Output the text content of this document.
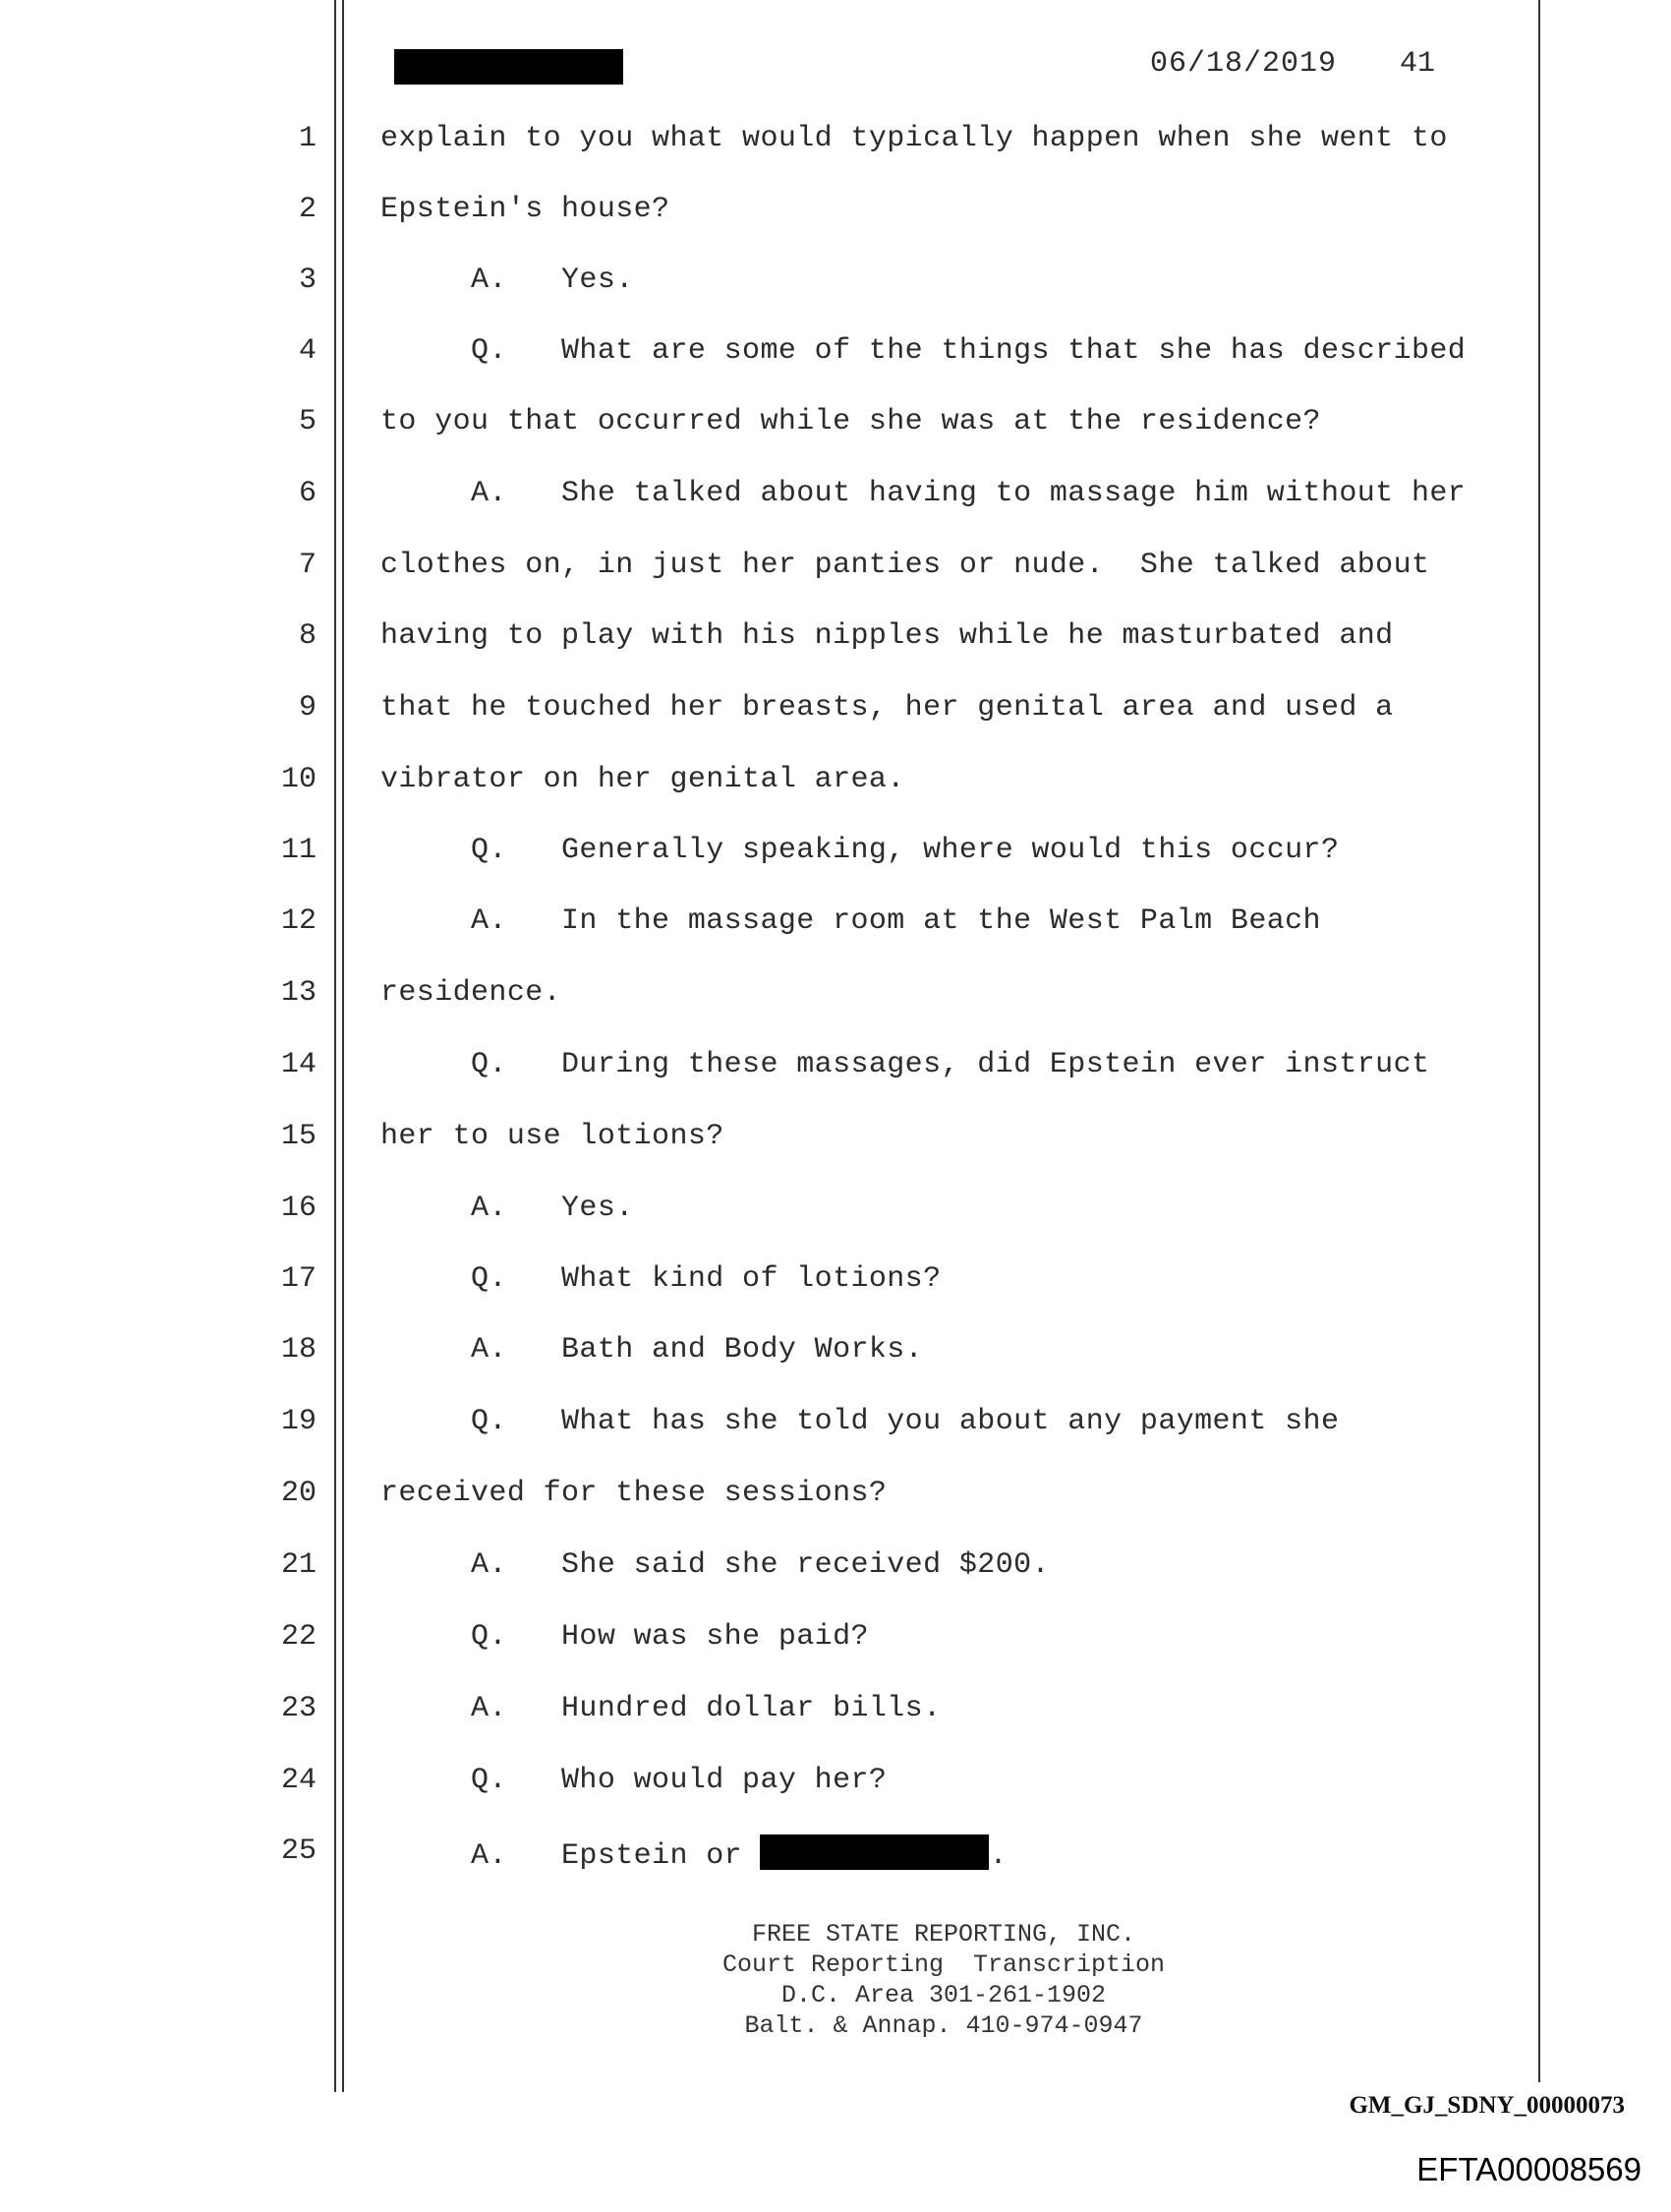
06/18/2019 41
1 explain to you what would typically happen when she went to
2 Epstein's house?
3 A.   Yes.
4 Q.   What are some of the things that she has described
5 to you that occurred while she was at the residence?
6 A.   She talked about having to massage him without her
7 clothes on, in just her panties or nude.  She talked about
8 having to play with his nipples while he masturbated and
9 that he touched her breasts, her genital area and used a
10 vibrator on her genital area.
11 Q.   Generally speaking, where would this occur?
12 A.   In the massage room at the West Palm Beach
13 residence.
14 Q.   During these massages, did Epstein ever instruct
15 her to use lotions?
16 A.   Yes.
17 Q.   What kind of lotions?
18 A.   Bath and Body Works.
19 Q.   What has she told you about any payment she
20 received for these sessions?
21 A.   She said she received $200.
22 Q.   How was she paid?
23 A.   Hundred dollar bills.
24 Q.   Who would pay her?
25 A.   Epstein or	.
FREE STATE REPORTING, INC.
Court Reporting  Transcription
D.C. Area 301-261-1902
Balt. & Annap. 410-974-0947
GM_GJ_SDNY_00000073
EFTA00008569
